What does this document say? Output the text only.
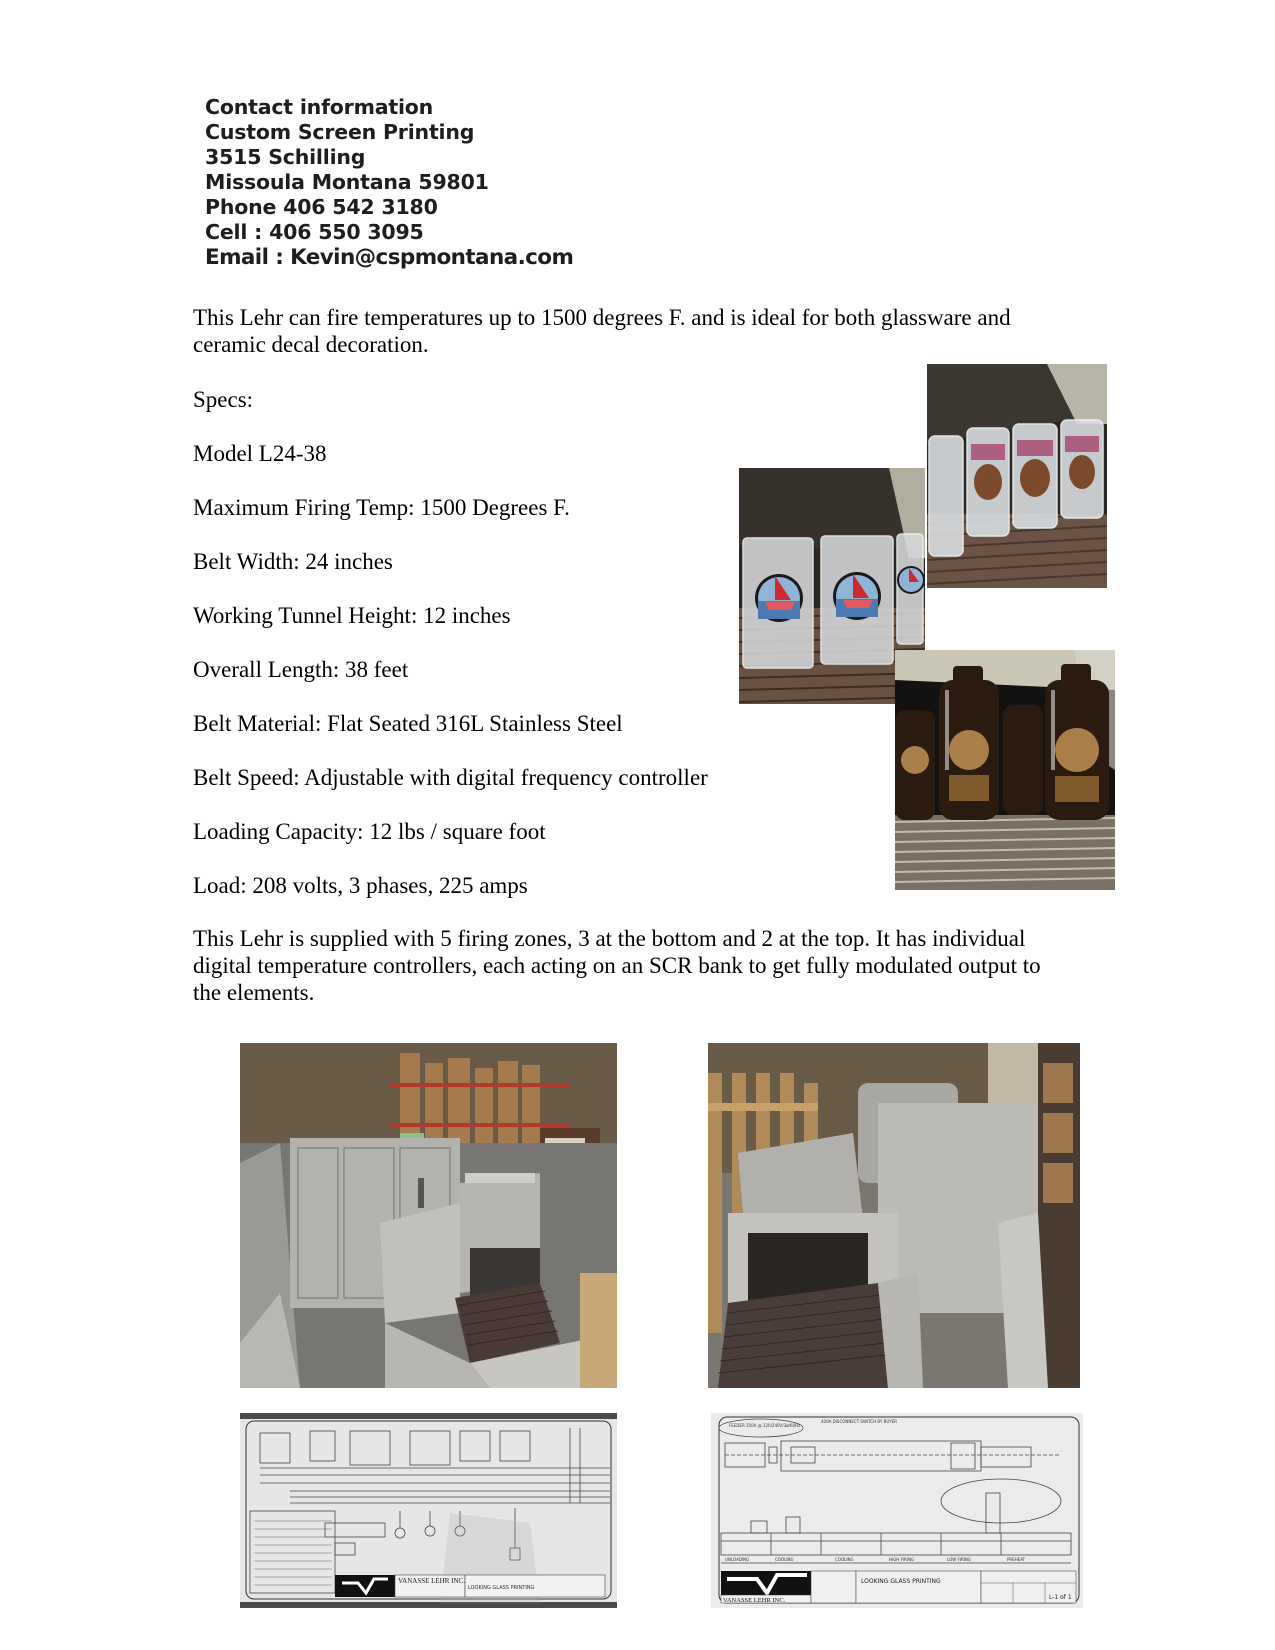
Contact information
Custom Screen Printing
3515 Schilling
Missoula Montana 59801
Phone 406 542 3180
Cell : 406 550 3095
Email : Kevin@cspmontana.com
This Lehr can fire temperatures up to 1500 degrees F. and is ideal for both glassware and
ceramic decal decoration.
Specs:
Model L24-38
Maximum Firing Temp: 1500 Degrees F.
Belt Width: 24 inches
Working Tunnel Height: 12 inches
Overall Length: 38 feet
Belt Material: Flat Seated 316L Stainless Steel
Belt Speed: Adjustable with digital frequency controller
Loading Capacity: 12 lbs / square foot
Load: 208 volts, 3 phases, 225 amps
This Lehr is supplied with 5 firing zones, 3 at the bottom and 2 at the top. It has individual
digital temperature controllers, each acting on an SCR bank to get fully modulated output to
the elements.
VANASSE LEHR INC.
LOOKING GLASS PRINTING
FEEDER 350A @ 120/240V/3ø/60Hz
400A DISCONNECT SWITCH BY BUYER
UNLOADING	COOLING	COOLING	HIGH FIRING	LOW FIRING	PREHEAT
VANASSE LEHR INC.
LOOKING GLASS PRINTING
L-1 of 1
